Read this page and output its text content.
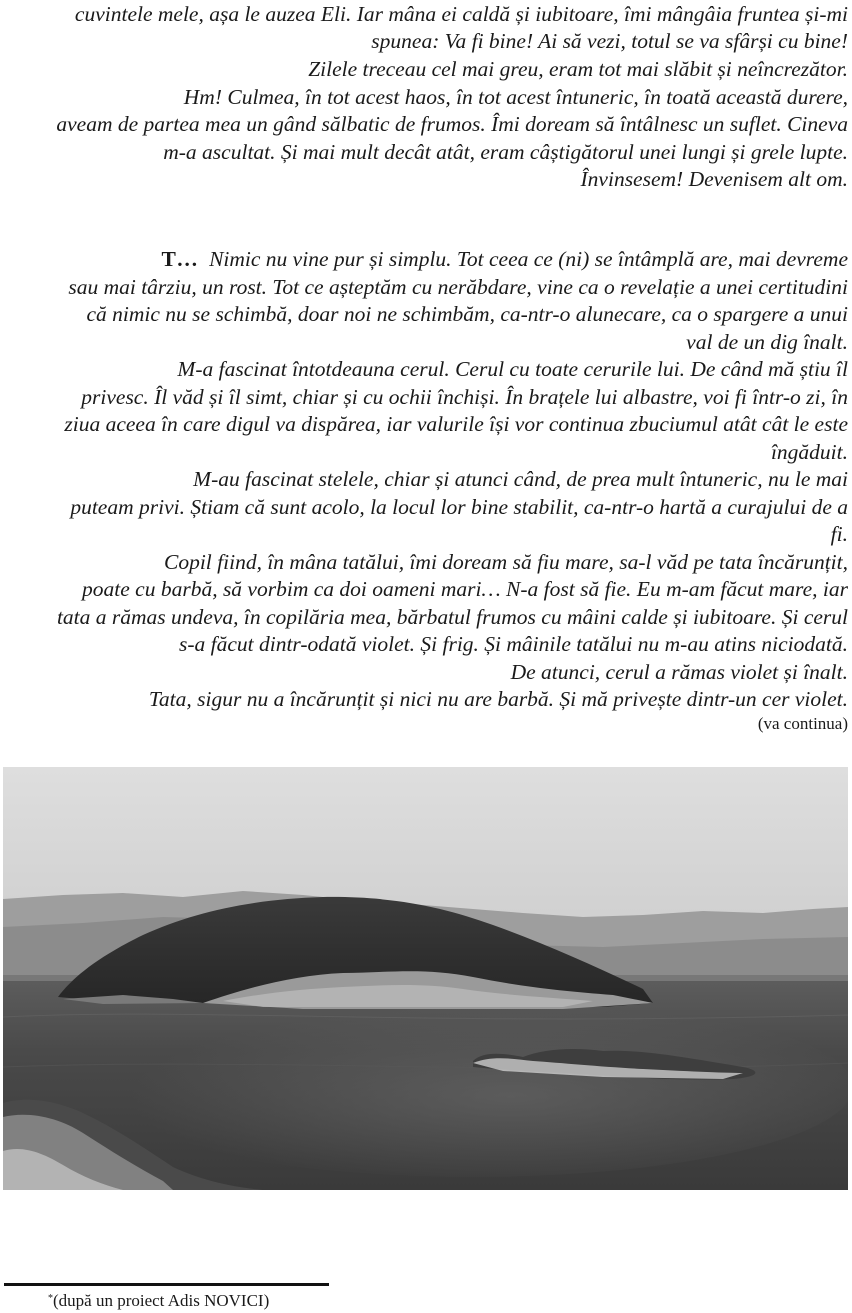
cuvintele mele, așa le auzea Eli. Iar mâna ei caldă și iubitoare, îmi mângâia fruntea și-mi
spunea: Va fi bine! Ai să vezi, totul se va sfârși cu bine!
Zilele treceau cel mai greu, eram tot mai slăbit și neîncrezător.
Hm! Culmea, în tot acest haos, în tot acest întuneric, în toată această durere,
aveam de partea mea un gând sălbatic de frumos. Îmi doream să întâlnesc un suflet. Cineva
m-a ascultat. Și mai mult decât atât, eram câștigătorul unei lungi și grele lupte.
Învinsesem! Devenisem alt om.
T… Nimic nu vine pur și simplu. Tot ceea ce (ni) se întâmplă are, mai devreme
sau mai târziu, un rost. Tot ce așteptăm cu nerăbdare, vine ca o revelație a unei certitudini
că nimic nu se schimbă, doar noi ne schimbăm, ca-ntr-o alunecare, ca o spargere a unui
val de un dig înalt.
M-a fascinat întotdeauna cerul. Cerul cu toate cerurile lui. De când mă știu îl
privesc. Îl văd și îl simt, chiar și cu ochii închiși. În brațele lui albastre, voi fi într-o zi, în
ziua aceea în care digul va dispărea, iar valurile își vor continua zbuciumul atât cât le este
îngăduit.
M-au fascinat stelele, chiar și atunci când, de prea mult întuneric, nu le mai
puteam privi. Știam că sunt acolo, la locul lor bine stabilit, ca-ntr-o hartă a curajului de a
fi.
Copil fiind, în mâna tatălui, îmi doream să fiu mare, sa-l văd pe tata încărunțit,
poate cu barbă, să vorbim ca doi oameni mari… N-a fost să fie. Eu m-am făcut mare, iar
tata a rămas undeva, în copilăria mea, bărbatul frumos cu mâini calde și iubitoare. Și cerul
s-a făcut dintr-odată violet. Și frig. Și mâinile tatălui nu m-au atins niciodată.
De atunci, cerul a rămas violet și înalt.
Tata, sigur nu a încărunțit și nici nu are barbă. Și mă privește dintr-un cer violet.
(va continua)
*(după un proiect Adis NOVICI)
